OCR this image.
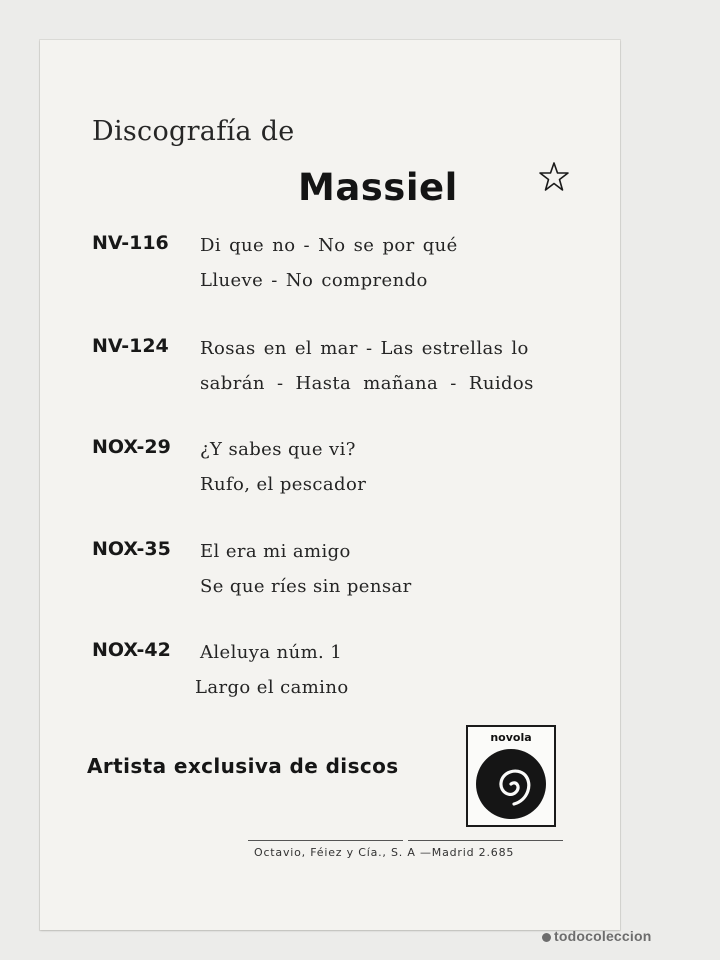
Discografía de
Massiel
NV-116 Di que no - No se por qué
Llueve - No comprendo
NV-124 Rosas en el mar - Las estrellas lo
sabrán - Hasta mañana - Ruidos
NOX-29 ¿Y sabes que vi?
Rufo, el pescador
NOX-35 El era mi amigo
Se que ríes sin pensar
NOX-42 Aleluya núm. 1
Largo el camino
Artista exclusiva de discos
novola
Octavio, Féiez y Cía., S. A —Madrid 2.685
todocoleccion
